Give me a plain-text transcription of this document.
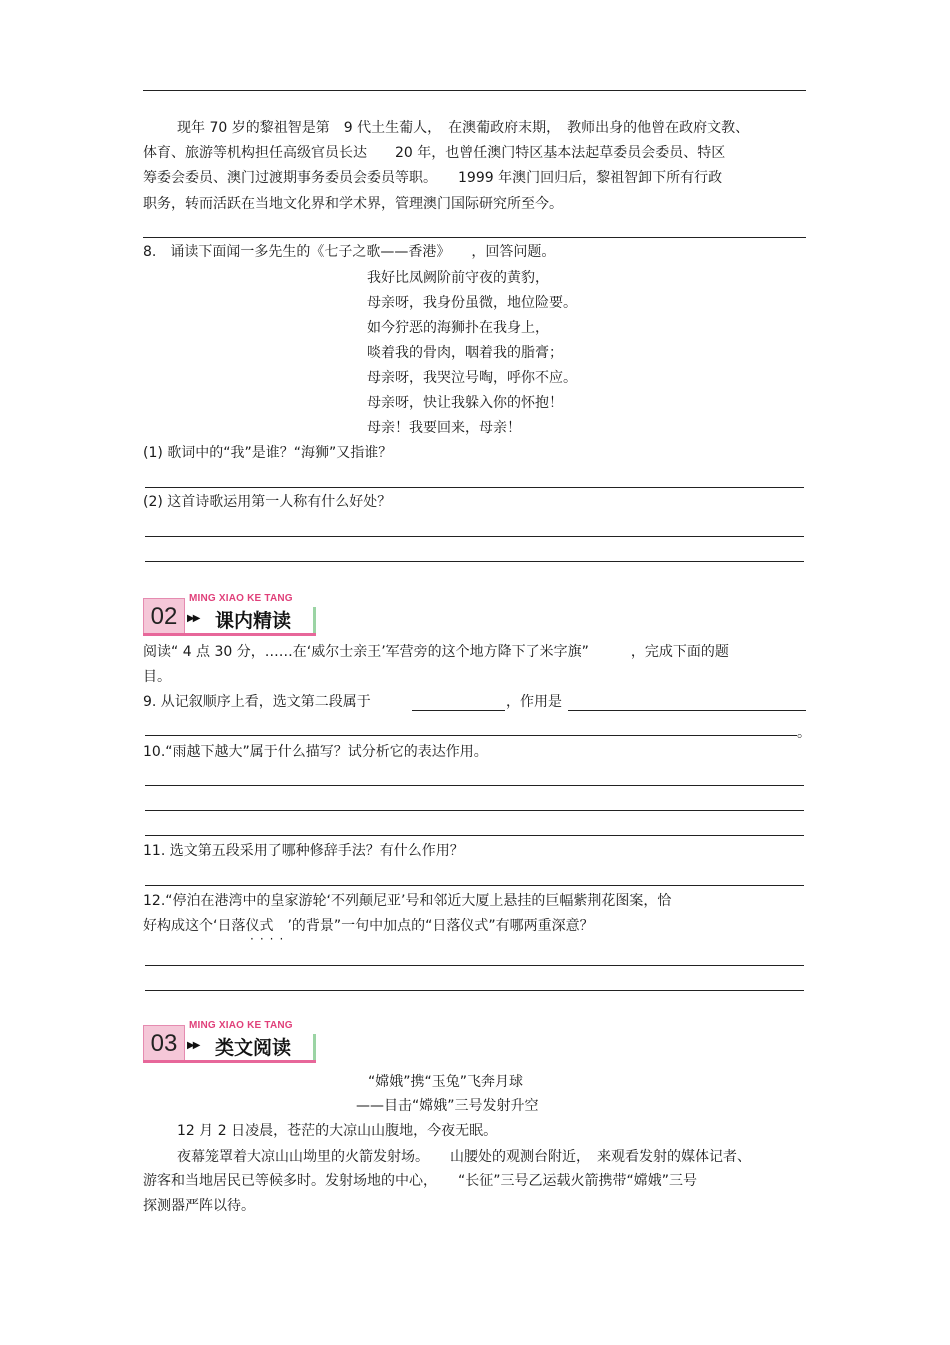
现年 70 岁的黎祖智是第　9 代土生葡人，　在澳葡政府末期，　教师出身的他曾在政府文教、
体育、旅游等机构担任高级官员长达　　20 年，也曾任澳门特区基本法起草委员会委员、特区
筹委会委员、澳门过渡期事务委员会委员等职。　　1999 年澳门回归后，黎祖智卸下所有行政
职务，转而活跃在当地文化界和学术界，管理澳门国际研究所至今。
8.　诵读下面闻一多先生的《七子之歌——香港》　　，回答问题。
我好比凤阙阶前守夜的黄豹，
母亲呀，我身份虽微，地位险要。
如今狞恶的海狮扑在我身上，
啖着我的骨肉，咽着我的脂膏；
母亲呀，我哭泣号啕，呼你不应。
母亲呀，快让我躲入你的怀抱！
母亲！我要回来，母亲！
(1) 歌词中的“我”是谁？“海狮”又指谁？
(2) 这首诗歌运用第一人称有什么好处？
MING XIAO KE TANG
02 ▶▶ 课内精读
阅读“ 4 点 30 分，……在‘威尔士亲王’军营旁的这个地方降下了米字旗”　　　，完成下面的题
目。
9. 从记叙顺序上看，选文第二段属于	，作用是
。
10.“雨越下越大”属于什么描写？试分析它的表达作用。
11. 选文第五段采用了哪种修辞手法？有什么作用？
12.“停泊在港湾中的皇家游轮‘不列颠尼亚’号和邻近大厦上悬挂的巨幅紫荆花图案，恰
好构成这个‘日落仪式　’的背景”一句中加点的“日落仪式”有哪两重深意？
····
MING XIAO KE TANG
03 ▶▶ 类文阅读
“嫦娥”携“玉兔”飞奔月球
——目击“嫦娥”三号发射升空
12 月 2 日凌晨，苍茫的大凉山山腹地，今夜无眠。
夜幕笼罩着大凉山山坳里的火箭发射场。　　山腰处的观测台附近，　来观看发射的媒体记者、
游客和当地居民已等候多时。发射场地的中心，　　“长征”三号乙运载火箭携带“嫦娥”三号
探测器严阵以待。
